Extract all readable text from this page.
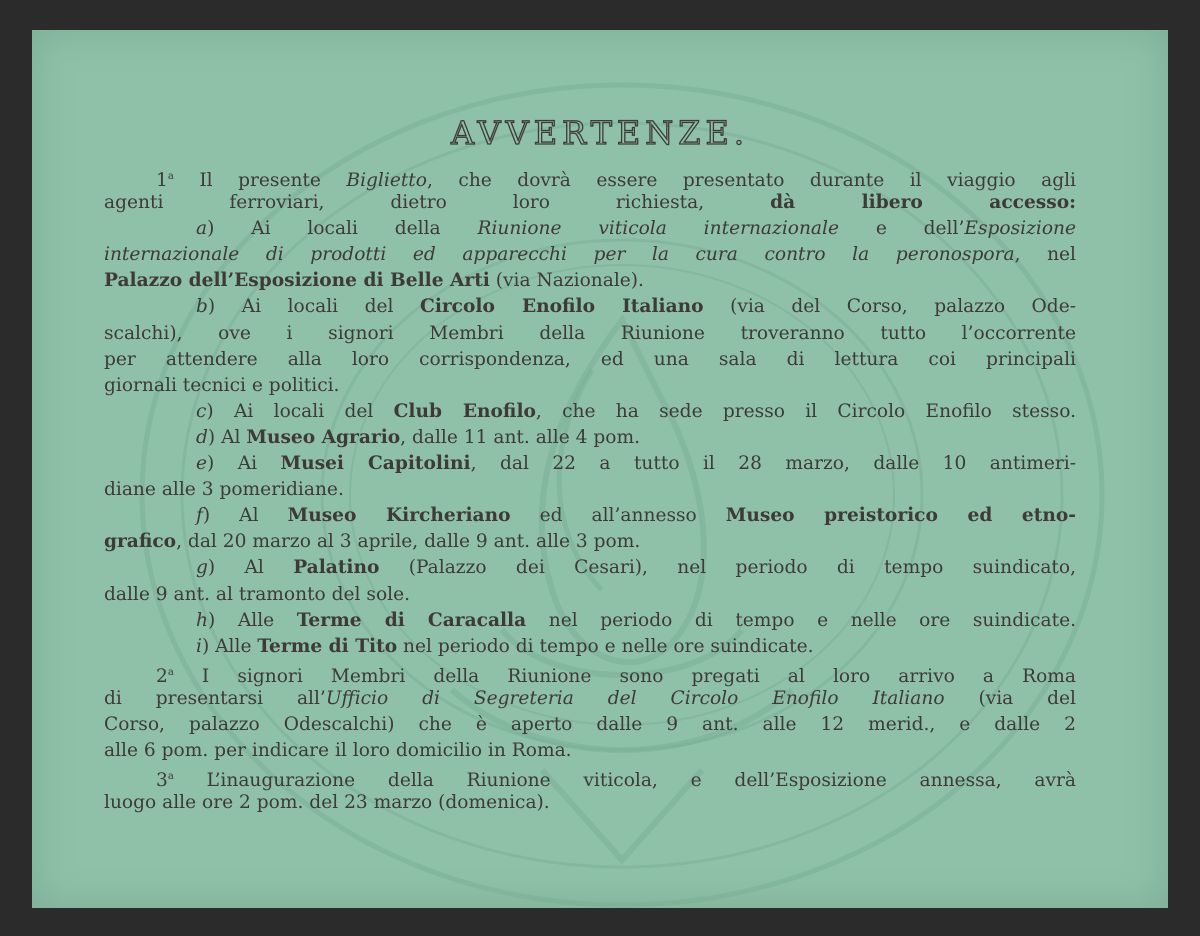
AVVERTENZE.
1$^a$ Il presente Biglietto, che dovrà essere presentato durante il viaggio agli
agenti ferroviari, dietro loro richiesta, dà libero accesso:
a) Ai locali della Riunione viticola internazionale e dell’Esposizione
internazionale di prodotti ed apparecchi per la cura contro la peronospora, nel
Palazzo dell’Esposizione di Belle Arti (via Nazionale).
b) Ai locali del Circolo Enofilo Italiano (via del Corso, palazzo Ode-
scalchi), ove i signori Membri della Riunione troveranno tutto l’occorrente
per attendere alla loro corrispondenza, ed una sala di lettura coi principali
giornali tecnici e politici.
c) Ai locali del Club Enofilo, che ha sede presso il Circolo Enofilo stesso.
d) Al Museo Agrario, dalle 11 ant. alle 4 pom.
e) Ai Musei Capitolini, dal 22 a tutto il 28 marzo, dalle 10 antimeri-
diane alle 3 pomeridiane.
f) Al Museo Kircheriano ed all’annesso Museo preistorico ed etno-
grafico, dal 20 marzo al 3 aprile, dalle 9 ant. alle 3 pom.
g) Al Palatino (Palazzo dei Cesari), nel periodo di tempo suindicato,
dalle 9 ant. al tramonto del sole.
h) Alle Terme di Caracalla nel periodo di tempo e nelle ore suindicate.
i) Alle Terme di Tito nel periodo di tempo e nelle ore suindicate.
2$^a$ I signori Membri della Riunione sono pregati al loro arrivo a Roma
di presentarsi all’Ufficio di Segreteria del Circolo Enofilo Italiano (via del
Corso, palazzo Odescalchi) che è aperto dalle 9 ant. alle 12 merid., e dalle 2
alle 6 pom. per indicare il loro domicilio in Roma.
3$^a$ L’inaugurazione della Riunione viticola, e dell’Esposizione annessa, avrà
luogo alle ore 2 pom. del 23 marzo (domenica).
